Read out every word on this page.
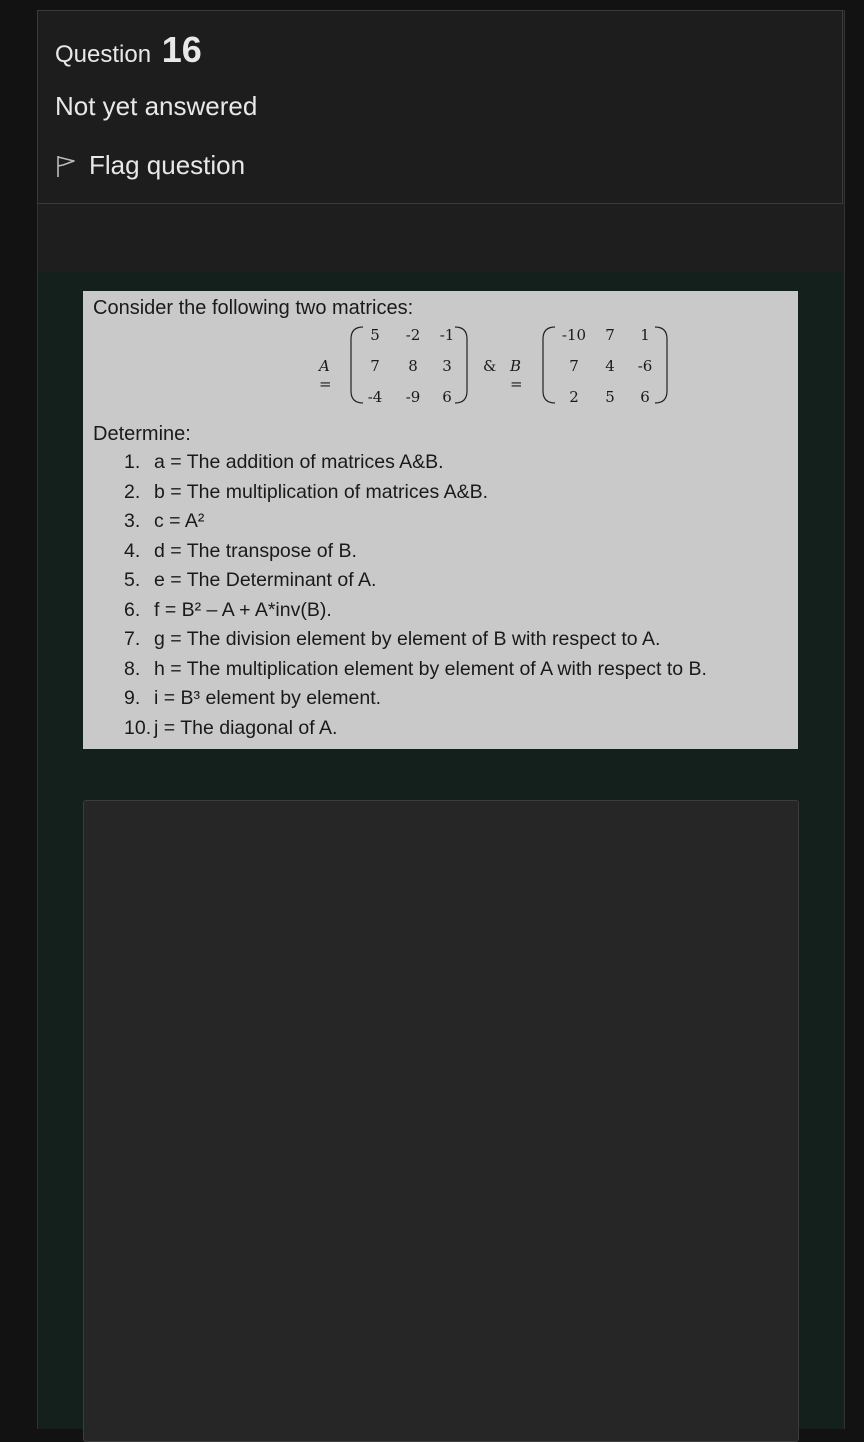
Question 16
Not yet answered
Flag question
Consider the following two matrices:
A =
& B =
5	-2	-1
7	8	3
-4	-9	6
-10	7	1
7	4	-6
2	5	6
Determine:
1. a = The addition of matrices A&B.
2. b = The multiplication of matrices A&B.
3. c = A²
4. d = The transpose of B.
5. e = The Determinant of A.
6. f = B² – A + A*inv(B).
7. g = The division element by element of B with respect to A.
8. h = The multiplication element by element of A with respect to B.
9. i = B³ element by element.
10. j = The diagonal of A.
